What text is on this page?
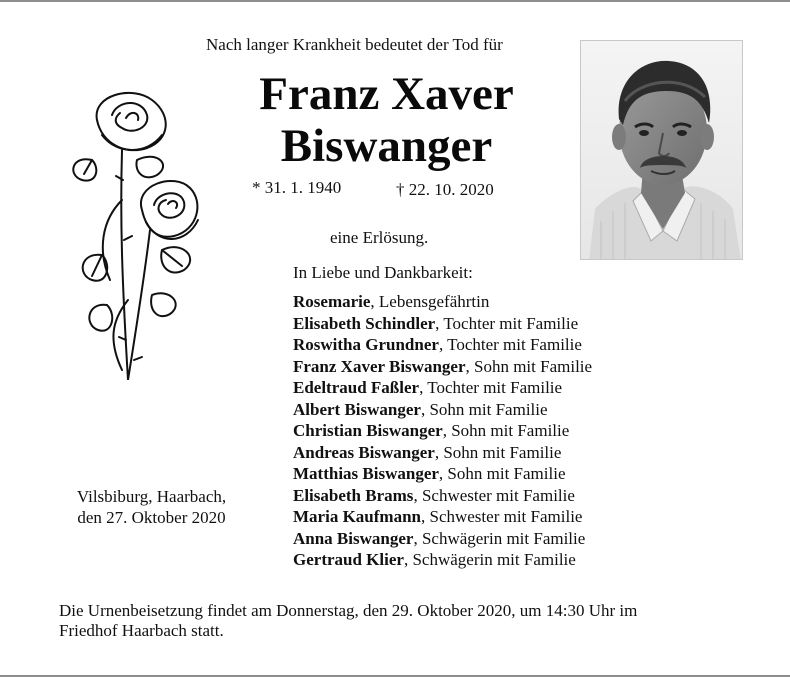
Nach langer Krankheit bedeutet der Tod für
Franz Xaver
Biswanger
* 31. 1. 1940	† 22. 10. 2020
eine Erlösung.
In Liebe und Dankbarkeit:
Rosemarie, Lebensgefährtin
Elisabeth Schindler, Tochter mit Familie
Roswitha Grundner, Tochter mit Familie
Franz Xaver Biswanger, Sohn mit Familie
Edeltraud Faßler, Tochter mit Familie
Albert Biswanger, Sohn mit Familie
Christian Biswanger, Sohn mit Familie
Andreas Biswanger, Sohn mit Familie
Matthias Biswanger, Sohn mit Familie
Elisabeth Brams, Schwester mit Familie
Maria Kaufmann, Schwester mit Familie
Anna Biswanger, Schwägerin mit Familie
Gertraud Klier, Schwägerin mit Familie
Vilsbiburg, Haarbach,
den 27. Oktober 2020
Die Urnenbeisetzung findet am Donnerstag, den 29. Oktober 2020, um 14:30 Uhr im
Friedhof Haarbach statt.
